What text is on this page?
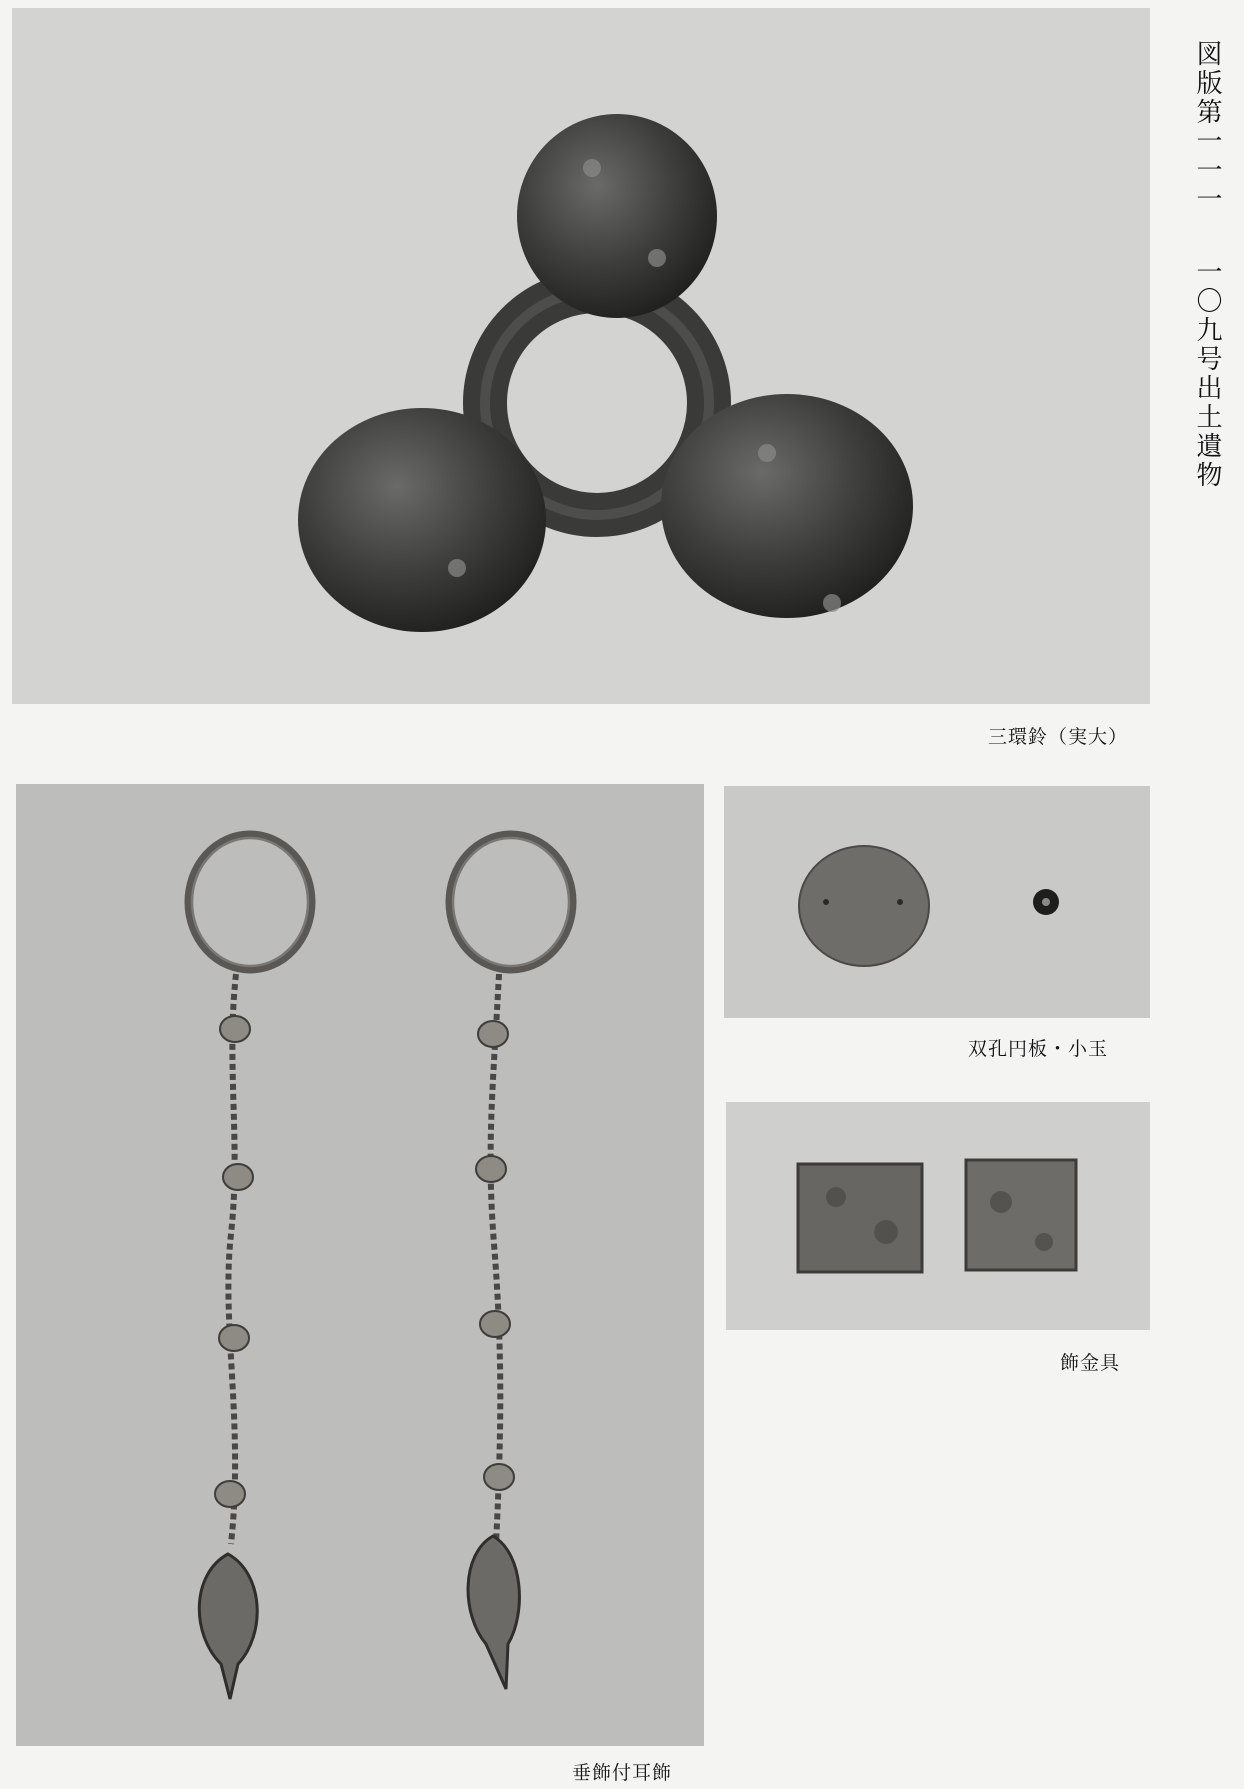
三環鈴（実大）
垂飾付耳飾
双孔円板・小玉
飾金具
図版第一一一
一〇九号出土遺物
